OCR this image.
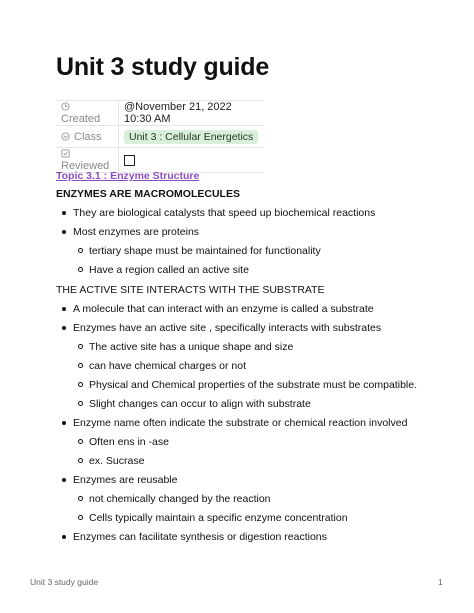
Unit 3 study guide
Created	@November 21, 2022 10:30 AM
Class	Unit 3 : Cellular Energetics
Reviewed	
Topic 3.1 : Enzyme Structure

ENZYMES ARE MACROMOLECULES

They are biological catalysts that speed up biochemical reactions
Most enzymes are proteins
tertiary shape must be maintained for functionality
Have a region called an active site

THE ACTIVE SITE INTERACTS WITH THE SUBSTRATE

A molecule that can interact with an enzyme is called a substrate
Enzymes have an active site , specifically interacts with substrates
The active site has a unique shape and size
can have chemical charges or not
Physical and Chemical properties of the substrate must be compatible.
Slight changes can occur to align with substrate
Enzyme name often indicate the substrate or chemical reaction involved
Often ens in -ase
ex. Sucrase
Enzymes are reusable
not chemically changed by the reaction
Cells typically maintain a specific enzyme concentration
Enzymes can facilitate synthesis or digestion reactions
Unit 3 study guide	1
